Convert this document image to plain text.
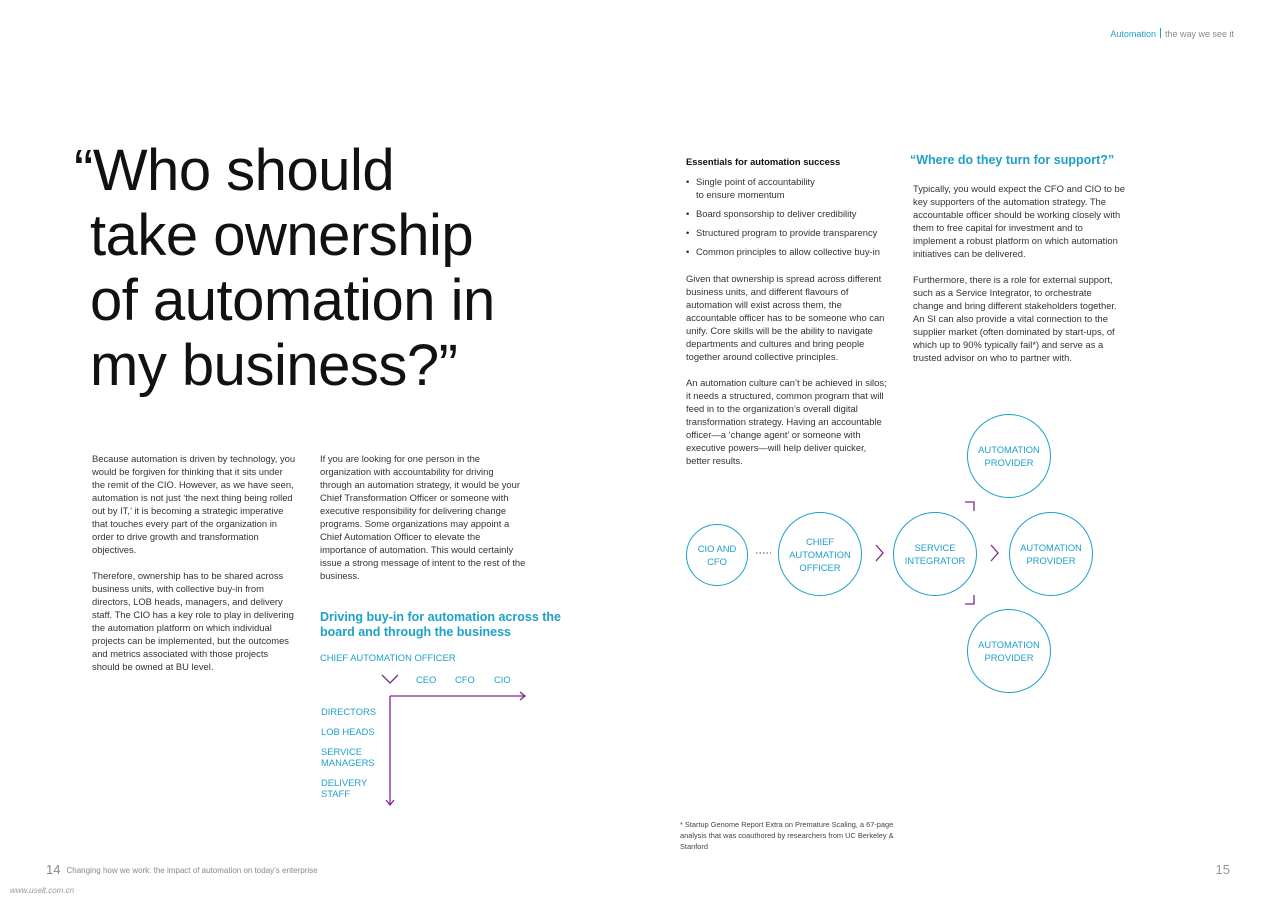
Automation the way we see it
“Who should
take ownership
of automation in
my business?”

Because automation is driven by technology, you would be forgiven for thinking that it sits under the remit of the CIO. However, as we have seen, automation is not just ‘the next thing being rolled out by IT,’ it is becoming a strategic imperative that touches every part of the organization in order to drive growth and transformation objectives.

Therefore, ownership has to be shared across business units, with collective buy-in from directors, LOB heads, managers, and delivery staff. The CIO has a key role to play in delivering the automation platform on which individual projects can be implemented, but the outcomes and metrics associated with those projects should be owned at BU level.

If you are looking for one person in the organization with accountability for driving through an automation strategy, it would be your Chief Transformation Officer or someone with executive responsibility for delivering change programs. Some organizations may appoint a Chief Automation Officer to elevate the importance of automation. This would certainly issue a strong message of intent to the rest of the business.

Driving buy-in for automation across the board and through the business
CHIEF AUTOMATION OFFICER
CEO CFO CIO
DIRECTORS
LOB HEADS
SERVICE MANAGERS
DELIVERY STAFF
Essentials for automation success
• Single point of accountability to ensure momentum
• Board sponsorship to deliver credibility
• Structured program to provide transparency
• Common principles to allow collective buy-in

Given that ownership is spread across different business units, and different flavours of automation will exist across them, the accountable officer has to be someone who can unify. Core skills will be the ability to navigate departments and cultures and bring people together around collective principles.

An automation culture can’t be achieved in silos; it needs a structured, common program that will feed in to the organization’s overall digital transformation strategy. Having an accountable officer—a ‘change agent’ or someone with executive powers—will help deliver quicker, better results.

“Where do they turn for support?”

Typically, you would expect the CFO and CIO to be key supporters of the automation strategy. The accountable officer should be working closely with them to free capital for investment and to implement a robust platform on which automation initiatives can be delivered.

Furthermore, there is a role for external support, such as a Service Integrator, to orchestrate change and bring different stakeholders together. An SI can also provide a vital connection to the supplier market (often dominated by start-ups, of which up to 90% typically fail*) and serve as a trusted advisor on who to partner with.

CIO AND CFO
CHIEF AUTOMATION OFFICER
SERVICE INTEGRATOR
AUTOMATION PROVIDER
AUTOMATION PROVIDER
AUTOMATION PROVIDER
* Startup Genome Report Extra on Premature Scaling, a 67-page analysis that was coauthored by researchers from UC Berkeley & Stanford
14 Changing how we work: the impact of automation on today’s enterprise	15
www.uselt.com.cn
